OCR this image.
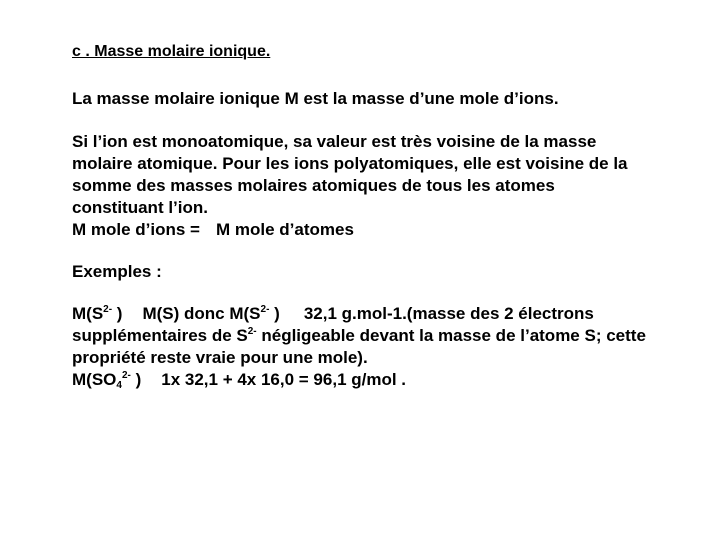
c . Masse molaire ionique.
La masse molaire ionique M est la masse d’une mole d’ions.
Si l’ion est monoatomique, sa valeur est très voisine de la masse
molaire atomique. Pour les ions polyatomiques, elle est voisine de la
somme des masses molaires atomiques de tous les atomes
constituant l’ion.
M mole d’ions = M mole d’atomes
Exemples :
$M(S^{2-}$ ) M(S) donc $M(S^{2-}$ ) 32,1 g.mol-1.(masse des 2 électrons
supplémentaires de $S^{2-}$ négligeable devant la masse de l’atome S; cette
propriété reste vraie pour une mole).
$M(SO_4^{2-}$ ) 1x 32,1 + 4x 16,0 = 96,1 g/mol .
